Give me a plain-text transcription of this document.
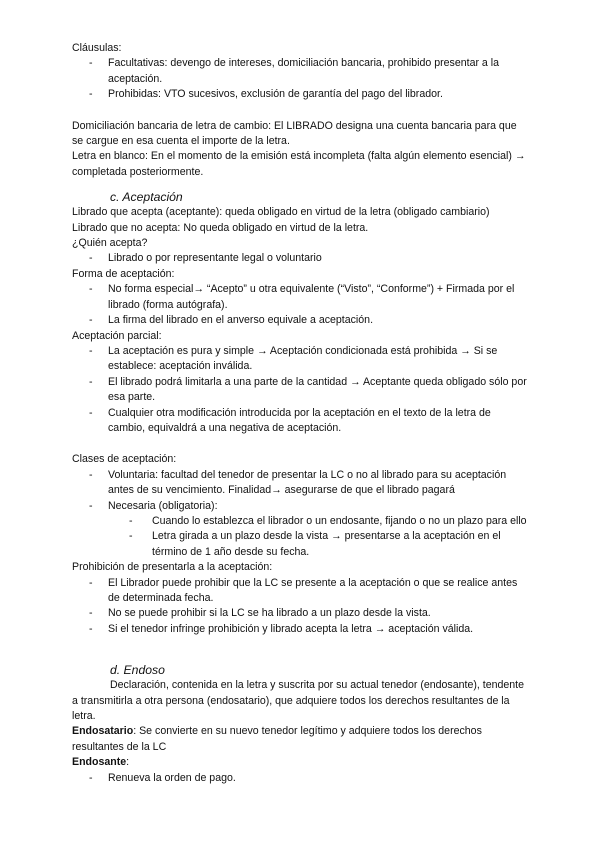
Cláusulas:

- Facultativas: devengo de intereses, domiciliación bancaria, prohibido presentar a la aceptación.
- Prohibidas: VTO sucesivos, exclusión de garantía del pago del librador.

Domiciliación bancaria de letra de cambio: El LIBRADO designa una cuenta bancaria para que se cargue en esa cuenta el importe de la letra.

Letra en blanco: En el momento de la emisión está incompleta (falta algún elemento esencial) → completada posteriormente.

c. Aceptación

Librado que acepta (aceptante): queda obligado en virtud de la letra (obligado cambiario)

Librado que no acepta: No queda obligado en virtud de la letra.

¿Quién acepta?

- Librado o por representante legal o voluntario

Forma de aceptación:

- No forma especial→ “Acepto” u otra equivalente (“Visto”, “Conforme”) + Firmada por el librado (forma autógrafa).
- La firma del librado en el anverso equivale a aceptación.

Aceptación parcial:

- La aceptación es pura y simple → Aceptación condicionada está prohibida → Si se establece: aceptación inválida.
- El librado podrá limitarla a una parte de la cantidad → Aceptante queda obligado sólo por esa parte.
- Cualquier otra modificación introducida por la aceptación en el texto de la letra de cambio, equivaldrá a una negativa de aceptación.

Clases de aceptación:

- Voluntaria: facultad del tenedor de presentar la LC o no al librado para su aceptación antes de su vencimiento. Finalidad→ asegurarse de que el librado pagará
- Necesaria (obligatoria):
- Cuando lo establezca el librador o un endosante, fijando o no un plazo para ello
- Letra girada a un plazo desde la vista → presentarse a la aceptación en el término de 1 año desde su fecha.

Prohibición de presentarla a la aceptación:

- El Librador puede prohibir que la LC se presente a la aceptación o que se realice antes de determinada fecha.
- No se puede prohibir si la LC se ha librado a un plazo desde la vista.
- Si el tenedor infringe prohibición y librado acepta la letra → aceptación válida.
d. Endoso

Declaración, contenida en la letra y suscrita por su actual tenedor (endosante), tendente a transmitirla a otra persona (endosatario), que adquiere todos los derechos resultantes de la letra.

Endosatario: Se convierte en su nuevo tenedor legítimo y adquiere todos los derechos resultantes de la LC

Endosante:

- Renueva la orden de pago.
